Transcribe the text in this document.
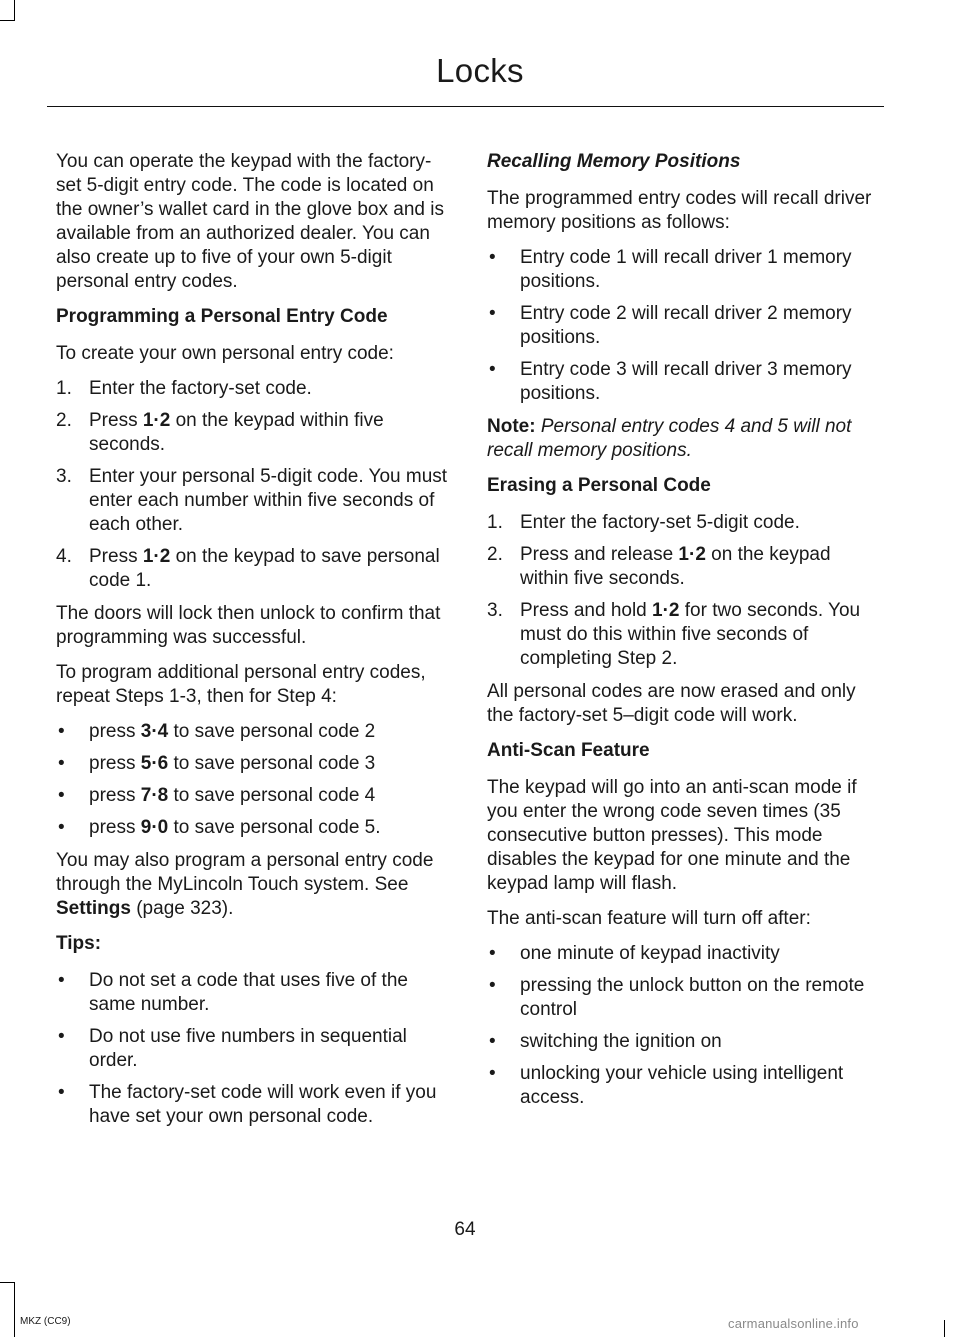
Locks

You can operate the keypad with the factory-set 5-digit entry code. The code is located on the owner’s wallet card in the glove box and is available from an authorized dealer. You can also create up to five of your own 5-digit personal entry codes.

Programming a Personal Entry Code

To create your own personal entry code:

1. Enter the factory-set code.
2. Press 1·2 on the keypad within five seconds.
3. Enter your personal 5-digit code. You must enter each number within five seconds of each other.
4. Press 1·2 on the keypad to save personal code 1.

The doors will lock then unlock to confirm that programming was successful.

To program additional personal entry codes, repeat Steps 1-3, then for Step 4:

• press 3·4 to save personal code 2
• press 5·6 to save personal code 3
• press 7·8 to save personal code 4
• press 9·0 to save personal code 5.

You may also program a personal entry code through the MyLincoln Touch system. See Settings (page 323).

Tips:

• Do not set a code that uses five of the same number.
• Do not use five numbers in sequential order.
• The factory-set code will work even if you have set your own personal code.

Recalling Memory Positions

The programmed entry codes will recall driver memory positions as follows:

• Entry code 1 will recall driver 1 memory positions.
• Entry code 2 will recall driver 2 memory positions.
• Entry code 3 will recall driver 3 memory positions.

Note: Personal entry codes 4 and 5 will not recall memory positions.

Erasing a Personal Code

1. Enter the factory-set 5-digit code.
2. Press and release 1·2 on the keypad within five seconds.
3. Press and hold 1·2 for two seconds. You must do this within five seconds of completing Step 2.

All personal codes are now erased and only the factory-set 5–digit code will work.

Anti-Scan Feature

The keypad will go into an anti-scan mode if you enter the wrong code seven times (35 consecutive button presses). This mode disables the keypad for one minute and the keypad lamp will flash.

The anti-scan feature will turn off after:

• one minute of keypad inactivity
• pressing the unlock button on the remote control
• switching the ignition on
• unlocking your vehicle using intelligent access.
64
MKZ (CC9)	carmanualsonline.info
